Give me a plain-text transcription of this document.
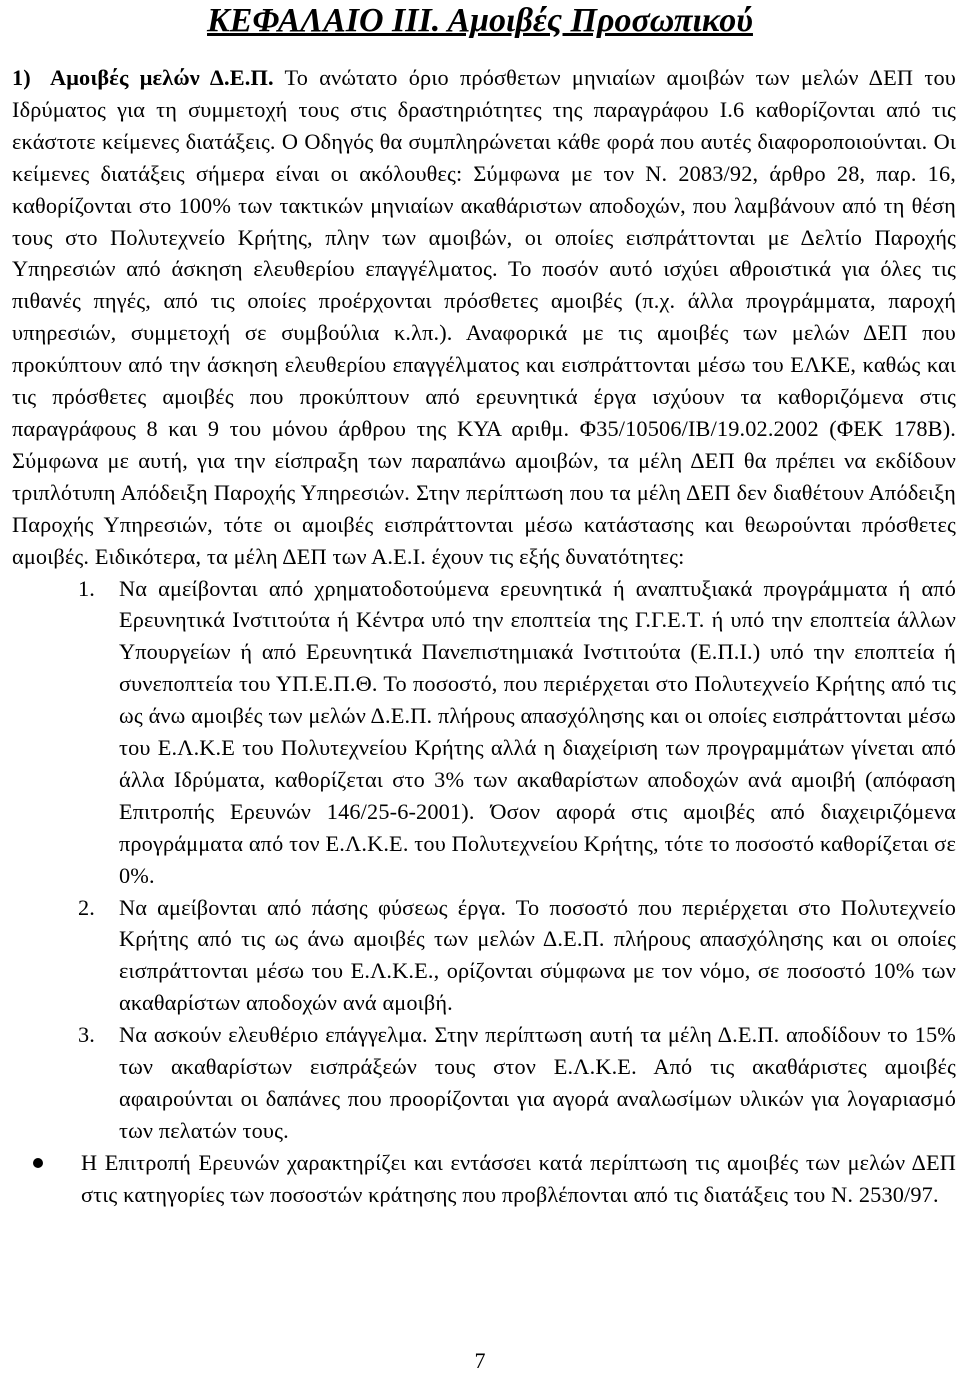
ΚΕΦΑΛΑΙΟ ΙΙΙ. Αμοιβές Προσωπικού

1) Αμοιβές μελών Δ.Ε.Π. Το ανώτατο όριο πρόσθετων μηνιαίων αμοιβών των μελών ΔΕΠ του Ιδρύματος για τη συμμετοχή τους στις δραστηριότητες της παραγράφου Ι.6 καθορίζονται από τις εκάστοτε κείμενες διατάξεις. Ο Οδηγός θα συμπληρώνεται κάθε φορά που αυτές διαφοροποιούνται. Οι κείμενες διατάξεις σήμερα είναι οι ακόλουθες: Σύμφωνα με τον Ν. 2083/92, άρθρο 28, παρ. 16, καθορίζονται στο 100% των τακτικών μηνιαίων ακαθάριστων αποδοχών, που λαμβάνουν από τη θέση τους στο Πολυτεχνείο Κρήτης, πλην των αμοιβών, οι οποίες εισπράττονται με Δελτίο Παροχής Υπηρεσιών από άσκηση ελευθερίου επαγγέλματος. Το ποσόν αυτό ισχύει αθροιστικά για όλες τις πιθανές πηγές, από τις οποίες προέρχονται πρόσθετες αμοιβές (π.χ. άλλα προγράμματα, παροχή υπηρεσιών, συμμετοχή σε συμβούλια κ.λπ.). Αναφορικά με τις αμοιβές των μελών ΔΕΠ που προκύπτουν από την άσκηση ελευθερίου επαγγέλματος και εισπράττονται μέσω του ΕΛΚΕ, καθώς και τις πρόσθετες αμοιβές που προκύπτουν από ερευνητικά έργα ισχύουν τα καθοριζόμενα στις παραγράφους 8 και 9 του μόνου άρθρου της ΚΥΑ αριθμ. Φ35/10506/ΙΒ/19.02.2002 (ΦΕΚ 178Β). Σύμφωνα με αυτή, για την είσπραξη των παραπάνω αμοιβών, τα μέλη ΔΕΠ θα πρέπει να εκδίδουν τριπλότυπη Απόδειξη Παροχής Υπηρεσιών. Στην περίπτωση που τα μέλη ΔΕΠ δεν διαθέτουν Απόδειξη Παροχής Υπηρεσιών, τότε οι αμοιβές εισπράττονται μέσω κατάστασης και θεωρούνται πρόσθετες αμοιβές. Ειδικότερα, τα μέλη ΔΕΠ των Α.Ε.Ι. έχουν τις εξής δυνατότητες:

1. Να αμείβονται από χρηματοδοτούμενα ερευνητικά ή αναπτυξιακά προγράμματα ή από Ερευνητικά Ινστιτούτα ή Κέντρα υπό την εποπτεία της Γ.Γ.Ε.Τ. ή υπό την εποπτεία άλλων Υπουργείων ή από Ερευνητικά Πανεπιστημιακά Ινστιτούτα (Ε.Π.Ι.) υπό την εποπτεία ή συνεποπτεία του ΥΠ.Ε.Π.Θ. Το ποσοστό, που περιέρχεται στο Πολυτεχνείο Κρήτης από τις ως άνω αμοιβές των μελών Δ.Ε.Π. πλήρους απασχόλησης και οι οποίες εισπράττονται μέσω του Ε.Λ.Κ.Ε του Πολυτεχνείου Κρήτης αλλά η διαχείριση των προγραμμάτων γίνεται από άλλα Ιδρύματα, καθορίζεται στο 3% των ακαθαρίστων αποδοχών ανά αμοιβή (απόφαση Επιτροπής Ερευνών 146/25-6-2001). Όσον αφορά στις αμοιβές από διαχειριζόμενα προγράμματα από τον Ε.Λ.Κ.Ε. του Πολυτεχνείου Κρήτης, τότε το ποσοστό καθορίζεται σε 0%.
2. Να αμείβονται από πάσης φύσεως έργα. Το ποσοστό που περιέρχεται στο Πολυτεχνείο Κρήτης από τις ως άνω αμοιβές των μελών Δ.Ε.Π. πλήρους απασχόλησης και οι οποίες εισπράττονται μέσω του Ε.Λ.Κ.Ε., ορίζονται σύμφωνα με τον νόμο, σε ποσοστό 10% των ακαθαρίστων αποδοχών ανά αμοιβή.
3. Να ασκούν ελευθέριο επάγγελμα. Στην περίπτωση αυτή τα μέλη Δ.Ε.Π. αποδίδουν το 15% των ακαθαρίστων εισπράξεών τους στον Ε.Λ.Κ.Ε. Από τις ακαθάριστες αμοιβές αφαιρούνται οι δαπάνες που προορίζονται για αγορά αναλωσίμων υλικών για λογαριασμό των πελατών τους.

Η Επιτροπή Ερευνών χαρακτηρίζει και εντάσσει κατά περίπτωση τις αμοιβές των μελών ΔΕΠ στις κατηγορίες των ποσοστών κράτησης που προβλέπονται από τις διατάξεις του Ν. 2530/97.

7
